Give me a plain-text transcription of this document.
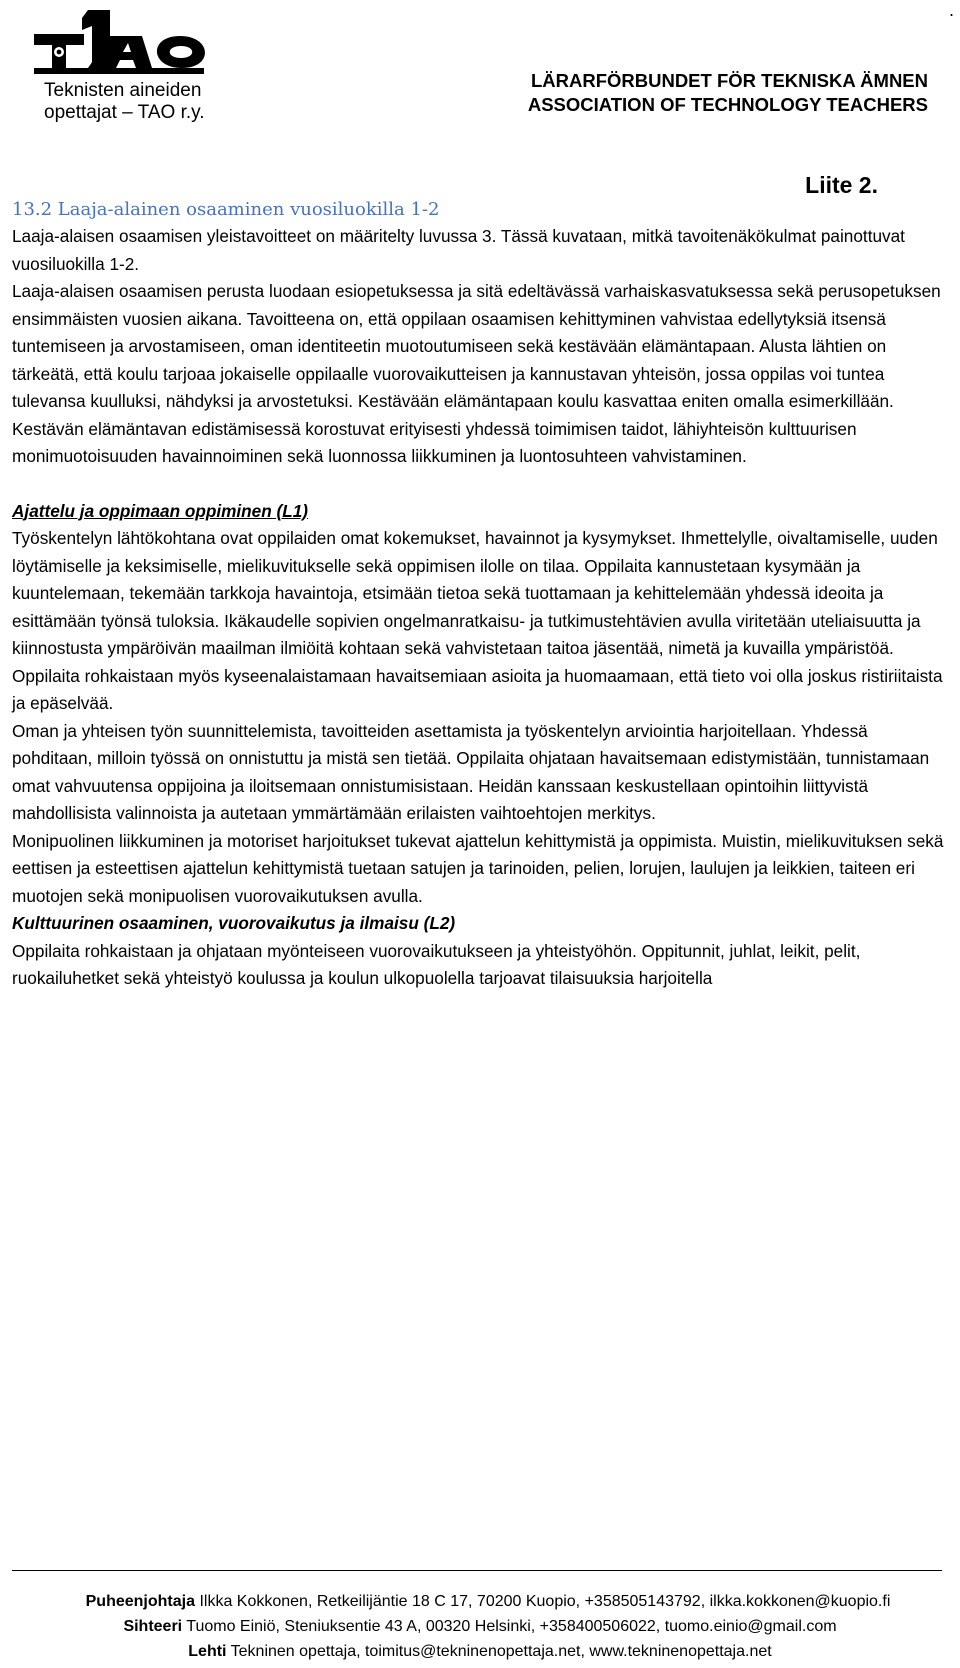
Teknisten aineiden
opettajat – TAO r.y.
.
LÄRARFÖRBUNDET FÖR TEKNISKA ÄMNEN
ASSOCIATION OF TECHNOLOGY TEACHERS
Liite 2.
13.2 Laaja-alainen osaaminen vuosiluokilla 1-2

Laaja-alaisen osaamisen yleistavoitteet on määritelty luvussa 3. Tässä kuvataan, mitkä tavoitenäkökulmat painottuvat vuosiluokilla 1-2.

Laaja-alaisen osaamisen perusta luodaan esiopetuksessa ja sitä edeltävässä varhaiskasvatuksessa sekä perusopetuksen ensimmäisten vuosien aikana. Tavoitteena on, että oppilaan osaamisen kehittyminen vahvistaa edellytyksiä itsensä tuntemiseen ja arvostamiseen, oman identiteetin muotoutumiseen sekä kestävään elämäntapaan. Alusta lähtien on tärkeätä, että koulu tarjoaa jokaiselle oppilaalle vuorovaikutteisen ja kannustavan yhteisön, jossa oppilas voi tuntea tulevansa kuulluksi, nähdyksi ja arvostetuksi. Kestävään elämäntapaan koulu kasvattaa eniten omalla esimerkillään. Kestävän elämäntavan edistämisessä korostuvat erityisesti yhdessä toimimisen taidot, lähiyhteisön kulttuurisen monimuotoisuuden havainnoiminen sekä luonnossa liikkuminen ja luontosuhteen vahvistaminen.

Ajattelu ja oppimaan oppiminen (L1)

Työskentelyn lähtökohtana ovat oppilaiden omat kokemukset, havainnot ja kysymykset. Ihmettelylle, oivaltamiselle, uuden löytämiselle ja keksimiselle, mielikuvitukselle sekä oppimisen ilolle on tilaa. Oppilaita kannustetaan kysymään ja kuuntelemaan, tekemään tarkkoja havaintoja, etsimään tietoa sekä tuottamaan ja kehittelemään yhdessä ideoita ja esittämään työnsä tuloksia. Ikäkaudelle sopivien ongelmanratkaisu- ja tutkimustehtävien avulla viritetään uteliaisuutta ja kiinnostusta ympäröivän maailman ilmiöitä kohtaan sekä vahvistetaan taitoa jäsentää, nimetä ja kuvailla ympäristöä. Oppilaita rohkaistaan myös kyseenalaistamaan havaitsemiaan asioita ja huomaamaan, että tieto voi olla joskus ristiriitaista ja epäselvää.

Oman ja yhteisen työn suunnittelemista, tavoitteiden asettamista ja työskentelyn arviointia harjoitellaan. Yhdessä pohditaan, milloin työssä on onnistuttu ja mistä sen tietää. Oppilaita ohjataan havaitsemaan edistymistään, tunnistamaan omat vahvuutensa oppijoina ja iloitsemaan onnistumisistaan. Heidän kanssaan keskustellaan opintoihin liittyvistä mahdollisista valinnoista ja autetaan ymmärtämään erilaisten vaihtoehtojen merkitys.

Monipuolinen liikkuminen ja motoriset harjoitukset tukevat ajattelun kehittymistä ja oppimista. Muistin, mielikuvituksen sekä eettisen ja esteettisen ajattelun kehittymistä tuetaan satujen ja tarinoiden, pelien, lorujen, laulujen ja leikkien, taiteen eri muotojen sekä monipuolisen vuorovaikutuksen avulla.

Kulttuurinen osaaminen, vuorovaikutus ja ilmaisu (L2)

Oppilaita rohkaistaan ja ohjataan myönteiseen vuorovaikutukseen ja yhteistyöhön. Oppitunnit, juhlat, leikit, pelit, ruokailuhetket sekä yhteistyö koulussa ja koulun ulkopuolella tarjoavat tilaisuuksia harjoitella

Puheenjohtaja Ilkka Kokkonen, Retkeilijäntie 18 C 17, 70200 Kuopio, +358505143792, ilkka.kokkonen@kuopio.fi
Sihteeri Tuomo Einiö, Steniuksentie 43 A, 00320 Helsinki, +358400506022, tuomo.einio@gmail.com
Lehti Tekninen opettaja, toimitus@tekninenopettaja.net, www.tekninenopettaja.net
